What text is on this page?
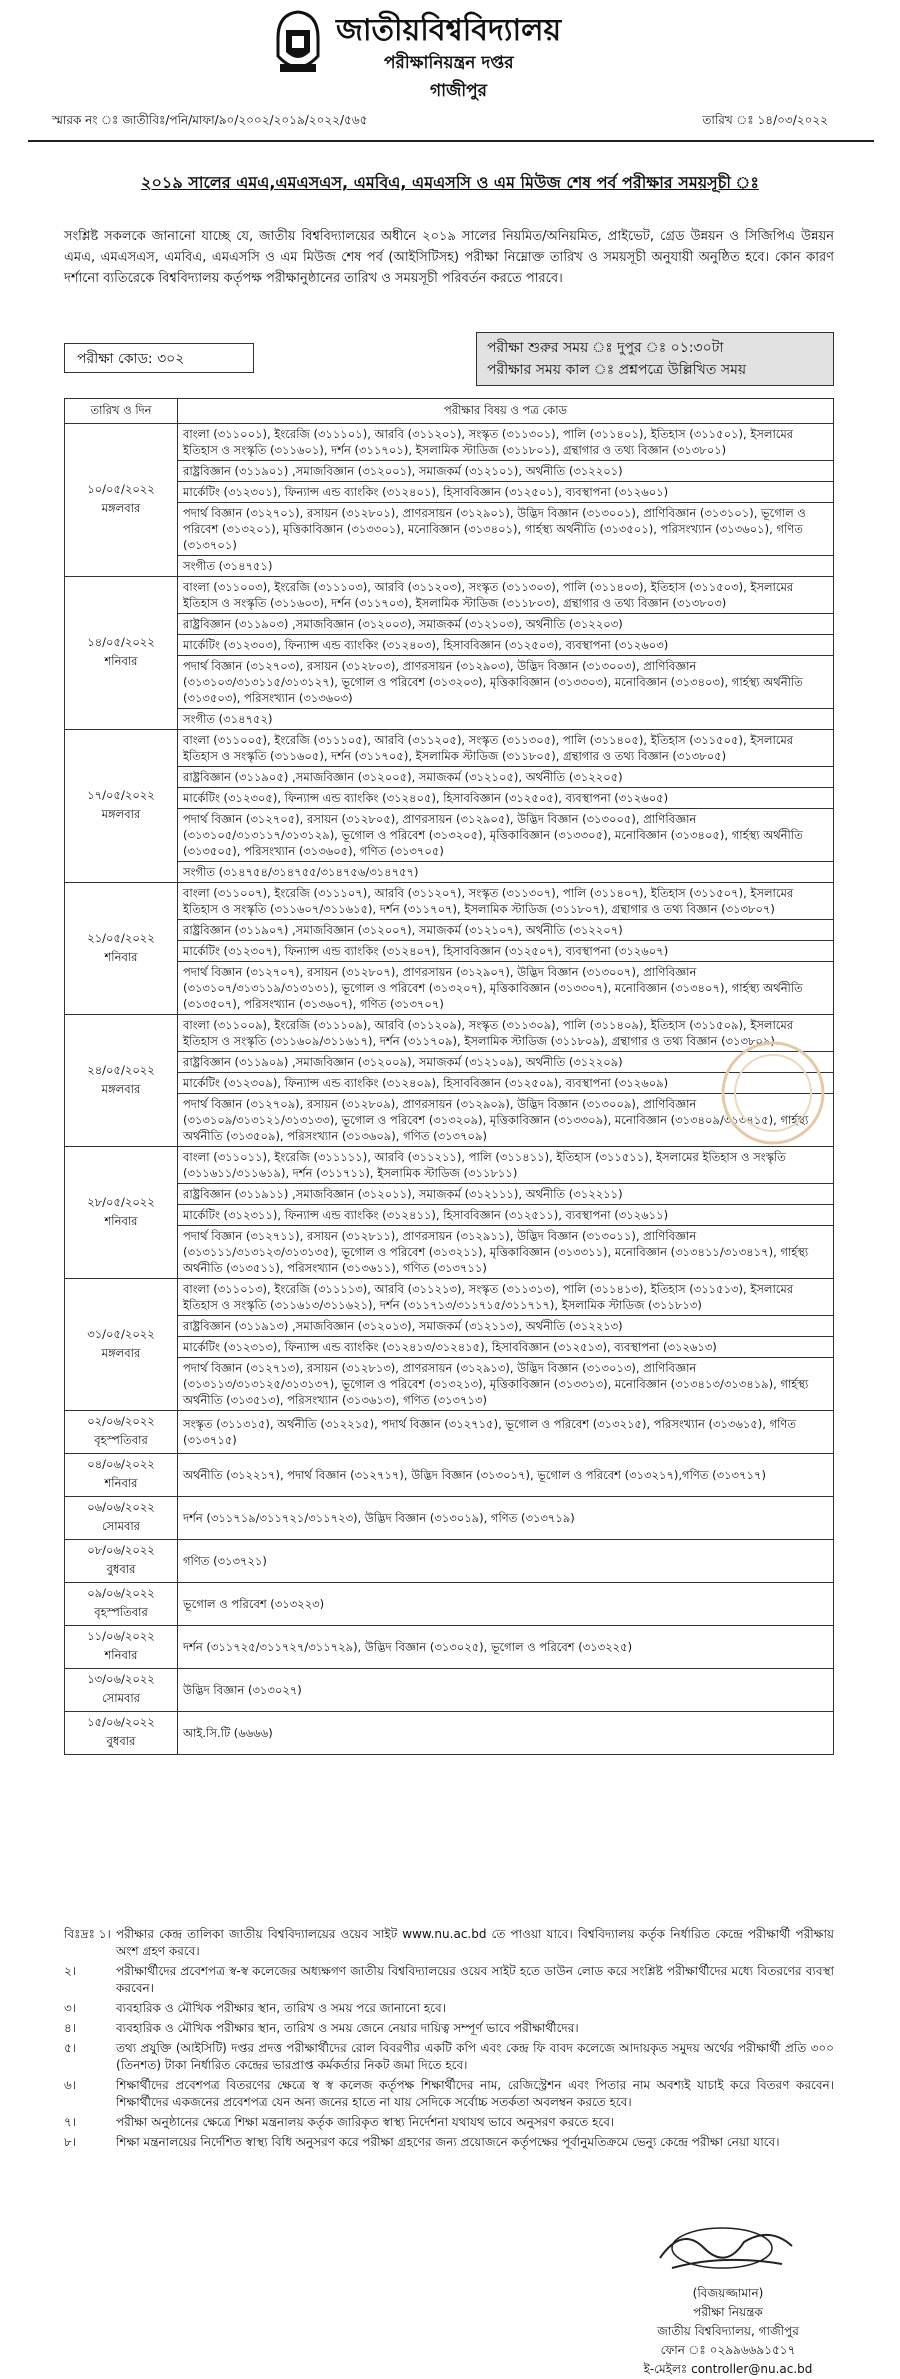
জাতীয়বিশ্ববিদ্যালয়
পরীক্ষানিয়ন্ত্রন দপ্তর
গাজীপুর
স্মারক নং ঃ জাতীবিঃ/পনি/মাফা/৯০/২০০২/২০১৯/২০২২/৫৬৫	তারিখ ঃ ১৪/০৩/২০২২
২০১৯ সালের এমএ,এমএসএস, এমবিএ, এমএসসি ও এম মিউজ শেষ পর্ব পরীক্ষার সময়সূচী ঃ
সংশ্লিষ্ট সকলকে জানানো যাচ্ছে যে, জাতীয় বিশ্ববিদ্যালয়ের অধীনে ২০১৯ সালের নিয়মিত/অনিয়মিত, প্রাইভেট, গ্রেড উন্নয়ন ও সিজিপিএ উন্নয়ন এমএ, এমএসএস, এমবিএ, এমএসসি ও এম মিউজ শেষ পর্ব (আইসিটিসহ) পরীক্ষা নিম্নোক্ত তারিখ ও সময়সূচী অনুযায়ী অনুষ্ঠিত হবে। কোন কারণ দর্শানো ব্যতিরেকে বিশ্ববিদ্যালয় কর্তৃপক্ষ পরীক্ষানুষ্ঠানের তারিখ ও সময়সূচী পরিবর্তন করতে পারবে।
পরীক্ষা কোড: ৩০২
পরীক্ষা শুরুর সময় ঃ দুপুর ঃ ০১:৩০টা
পরীক্ষার সময় কাল ঃ প্রশ্নপত্রে উল্লিখিত সময়
তারিখ ও দিন	পরীক্ষার বিষয় ও পত্র কোড

১০/০৫/২০২২
মঙ্গলবার	বাংলা (৩১১০০১), ইংরেজি (৩১১১০১), আরবি (৩১১২০১), সংস্কৃত (৩১১৩০১), পালি (৩১১৪০১), ইতিহাস (৩১১৫০১), ইসলামের ইতিহাস ও সংস্কৃতি (৩১১৬০১), দর্শন (৩১১৭০১), ইসলামিক স্টাডিজ (৩১১৮০১), গ্রন্থাগার ও তথ্য বিজ্ঞান (৩১৩৮০১)
	রাষ্ট্রবিজ্ঞান (৩১১৯০১) ,সমাজবিজ্ঞান (৩১২০০১), সমাজকর্ম (৩১২১০১), অর্থনীতি (৩১২২০১)
	মার্কেটিং (৩১২৩০১), ফিন্যান্স এন্ড ব্যাংকিং (৩১২৪০১), হিসাববিজ্ঞান (৩১২৫০১), ব্যবস্থাপনা (৩১২৬০১)
	পদার্থ বিজ্ঞান (৩১২৭০১), রসায়ন (৩১২৮০১), প্রাণরসায়ন (৩১২৯০১), উদ্ভিদ বিজ্ঞান (৩১৩০০১), প্রাণিবিজ্ঞান (৩১৩১০১), ভূগোল ও পরিবেশ (৩১৩২০১), মৃত্তিকাবিজ্ঞান (৩১৩৩০১), মনোবিজ্ঞান (৩১৩৪০১), গার্হস্থ্য অর্থনীতি (৩১৩৫০১), পরিসংখ্যান (৩১৩৬০১), গণিত (৩১৩৭০১)
	সংগীত (৩১৪৭৫১)

১৪/০৫/২০২২
শনিবার	বাংলা (৩১১০০৩), ইংরেজি (৩১১১০৩), আরবি (৩১১২০৩), সংস্কৃত (৩১১৩০৩), পালি (৩১১৪০৩), ইতিহাস (৩১১৫০৩), ইসলামের ইতিহাস ও সংস্কৃতি (৩১১৬০৩), দর্শন (৩১১৭০৩), ইসলামিক স্টাডিজ (৩১১৮০৩), গ্রন্থাগার ও তথ্য বিজ্ঞান (৩১৩৮০৩)
	রাষ্ট্রবিজ্ঞান (৩১১৯০৩) ,সমাজবিজ্ঞান (৩১২০০৩), সমাজকর্ম (৩১২১০৩), অর্থনীতি (৩১২২০৩)
	মার্কেটিং (৩১২৩০৩), ফিন্যান্স এন্ড ব্যাংকিং (৩১২৪০৩), হিসাববিজ্ঞান (৩১২৫০৩), ব্যবস্থাপনা (৩১২৬০৩)
	পদার্থ বিজ্ঞান (৩১২৭০৩), রসায়ন (৩১২৮০৩), প্রাণরসায়ন (৩১২৯০৩), উদ্ভিদ বিজ্ঞান (৩১৩০০৩), প্রাণিবিজ্ঞান (৩১৩১০৩/৩১৩১১৫/৩১৩১২৭), ভূগোল ও পরিবেশ (৩১৩২০৩), মৃত্তিকাবিজ্ঞান (৩১৩৩০৩), মনোবিজ্ঞান (৩১৩৪০৩), গার্হস্থ্য অর্থনীতি (৩১৩৫০৩), পরিসংখ্যান (৩১৩৬০৩)
	সংগীত (৩১৪৭৫২)

১৭/০৫/২০২২
মঙ্গলবার	বাংলা (৩১১০০৫), ইংরেজি (৩১১১০৫), আরবি (৩১১২০৫), সংস্কৃত (৩১১৩০৫), পালি (৩১১৪০৫), ইতিহাস (৩১১৫০৫), ইসলামের ইতিহাস ও সংস্কৃতি (৩১১৬০৫), দর্শন (৩১১৭০৫), ইসলামিক স্টাডিজ (৩১১৮০৫), গ্রন্থাগার ও তথ্য বিজ্ঞান (৩১৩৮০৫)
	রাষ্ট্রবিজ্ঞান (৩১১৯০৫) ,সমাজবিজ্ঞান (৩১২০০৫), সমাজকর্ম (৩১২১০৫), অর্থনীতি (৩১২২০৫)
	মার্কেটিং (৩১২৩০৫), ফিন্যান্স এন্ড ব্যাংকিং (৩১২৪০৫), হিসাববিজ্ঞান (৩১২৫০৫), ব্যবস্থাপনা (৩১২৬০৫)
	পদার্থ বিজ্ঞান (৩১২৭০৫), রসায়ন (৩১২৮০৫), প্রাণরসায়ন (৩১২৯০৫), উদ্ভিদ বিজ্ঞান (৩১৩০০৫), প্রাণিবিজ্ঞান (৩১৩১০৫/৩১৩১১৭/৩১৩১২৯), ভূগোল ও পরিবেশ (৩১৩২০৫), মৃত্তিকাবিজ্ঞান (৩১৩৩০৫), মনোবিজ্ঞান (৩১৩৪০৫), গার্হস্থ্য অর্থনীতি (৩১৩৫০৫), পরিসংখ্যান (৩১৩৬০৫), গণিত (৩১৩৭০৫)
	সংগীত (৩১৪৭৫৪/৩১৪৭৫৫/৩১৪৭৫৬/৩১৪৭৫৭)

২১/০৫/২০২২
শনিবার	বাংলা (৩১১০০৭), ইংরেজি (৩১১১০৭), আরবি (৩১১২০৭), সংস্কৃত (৩১১৩০৭), পালি (৩১১৪০৭), ইতিহাস (৩১১৫০৭), ইসলামের ইতিহাস ও সংস্কৃতি (৩১১৬০৭/৩১১৬১৫), দর্শন (৩১১৭০৭), ইসলামিক স্টাডিজ (৩১১৮০৭), গ্রন্থাগার ও তথ্য বিজ্ঞান (৩১৩৮০৭)
	রাষ্ট্রবিজ্ঞান (৩১১৯০৭) ,সমাজবিজ্ঞান (৩১২০০৭), সমাজকর্ম (৩১২১০৭), অর্থনীতি (৩১২২০৭)
	মার্কেটিং (৩১২৩০৭), ফিন্যান্স এন্ড ব্যাংকিং (৩১২৪০৭), হিসাববিজ্ঞান (৩১২৫০৭), ব্যবস্থাপনা (৩১২৬০৭)
	পদার্থ বিজ্ঞান (৩১২৭০৭), রসায়ন (৩১২৮০৭), প্রাণরসায়ন (৩১২৯০৭), উদ্ভিদ বিজ্ঞান (৩১৩০০৭), প্রাণিবিজ্ঞান (৩১৩১০৭/৩১৩১১৯/৩১৩১৩১), ভূগোল ও পরিবেশ (৩১৩২০৭), মৃত্তিকাবিজ্ঞান (৩১৩৩০৭), মনোবিজ্ঞান (৩১৩৪০৭), গার্হস্থ্য অর্থনীতি (৩১৩৫০৭), পরিসংখ্যান (৩১৩৬০৭), গণিত (৩১৩৭০৭)

২৪/০৫/২০২২
মঙ্গলবার	বাংলা (৩১১০০৯), ইংরেজি (৩১১১০৯), আরবি (৩১১২০৯), সংস্কৃত (৩১১৩০৯), পালি (৩১১৪০৯), ইতিহাস (৩১১৫০৯), ইসলামের ইতিহাস ও সংস্কৃতি (৩১১৬০৯/৩১১৬১৭), দর্শন (৩১১৭০৯), ইসলামিক স্টাডিজ (৩১১৮০৯), গ্রন্থাগার ও তথ্য বিজ্ঞান (৩১৩৮০৯)
	রাষ্ট্রবিজ্ঞান (৩১১৯০৯) ,সমাজবিজ্ঞান (৩১২০০৯), সমাজকর্ম (৩১২১০৯), অর্থনীতি (৩১২২০৯)
	মার্কেটিং (৩১২৩০৯), ফিন্যান্স এন্ড ব্যাংকিং (৩১২৪০৯), হিসাববিজ্ঞান (৩১২৫০৯), ব্যবস্থাপনা (৩১২৬০৯)
	পদার্থ বিজ্ঞান (৩১২৭০৯), রসায়ন (৩১২৮০৯), প্রাণরসায়ন (৩১২৯০৯), উদ্ভিদ বিজ্ঞান (৩১৩০০৯), প্রাণিবিজ্ঞান (৩১৩১০৯/৩১৩১২১/৩১৩১৩৩), ভূগোল ও পরিবেশ (৩১৩২০৯), মৃত্তিকাবিজ্ঞান (৩১৩৩০৯), মনোবিজ্ঞান (৩১৩৪০৯/৩১৩৪১৫), গার্হস্থ্য অর্থনীতি (৩১৩৫০৯), পরিসংখ্যান (৩১৩৬০৯), গণিত (৩১৩৭০৯)

২৮/০৫/২০২২
শনিবার	বাংলা (৩১১০১১), ইংরেজি (৩১১১১১), আরবি (৩১১২১১), পালি (৩১১৪১১), ইতিহাস (৩১১৫১১), ইসলামের ইতিহাস ও সংস্কৃতি (৩১১৬১১/৩১১৬১৯), দর্শন (৩১১৭১১), ইসলামিক স্টাডিজ (৩১১৮১১)
	রাষ্ট্রবিজ্ঞান (৩১১৯১১) ,সমাজবিজ্ঞান (৩১২০১১), সমাজকর্ম (৩১২১১১), অর্থনীতি (৩১২২১১)
	মার্কেটিং (৩১২৩১১), ফিন্যান্স এন্ড ব্যাংকিং (৩১২৪১১), হিসাববিজ্ঞান (৩১২৫১১), ব্যবস্থাপনা (৩১২৬১১)
	পদার্থ বিজ্ঞান (৩১২৭১১), রসায়ন (৩১২৮১১), প্রাণরসায়ন (৩১২৯১১), উদ্ভিদ বিজ্ঞান (৩১৩০১১), প্রাণিবিজ্ঞান (৩১৩১১১/৩১৩১২৩/৩১৩১৩৫), ভূগোল ও পরিবেশ (৩১৩২১১), মৃত্তিকাবিজ্ঞান (৩১৩৩১১), মনোবিজ্ঞান (৩১৩৪১১/৩১৩৪১৭), গার্হস্থ্য অর্থনীতি (৩১৩৫১১), পরিসংখ্যান (৩১৩৬১১), গণিত (৩১৩৭১১)

৩১/০৫/২০২২
মঙ্গলবার	বাংলা (৩১১০১৩), ইংরেজি (৩১১১১৩), আরবি (৩১১২১৩), সংস্কৃত (৩১১৩১৩), পালি (৩১১৪১৩), ইতিহাস (৩১১৫১৩), ইসলামের ইতিহাস ও সংস্কৃতি (৩১১৬১৩/৩১১৬২১), দর্শন (৩১১৭১৩/৩১১৭১৫/৩১১৭১৭), ইসলামিক স্টাডিজ (৩১১৮১৩)
	রাষ্ট্রবিজ্ঞান (৩১১৯১৩) ,সমাজবিজ্ঞান (৩১২০১৩), সমাজকর্ম (৩১২১১৩), অর্থনীতি (৩১২২১৩)
	মার্কেটিং (৩১২৩১৩), ফিন্যান্স এন্ড ব্যাংকিং (৩১২৪১৩/৩১২৪১৫), হিসাববিজ্ঞান (৩১২৫১৩), ব্যবস্থাপনা (৩১২৬১৩)
	পদার্থ বিজ্ঞান (৩১২৭১৩), রসায়ন (৩১২৮১৩), প্রাণরসায়ন (৩১২৯১৩), উদ্ভিদ বিজ্ঞান (৩১৩০১৩), প্রাণিবিজ্ঞান (৩১৩১১৩/৩১৩১২৫/৩১৩১৩৭), ভূগোল ও পরিবেশ (৩১৩২১৩), মৃত্তিকাবিজ্ঞান (৩১৩৩১৩), মনোবিজ্ঞান (৩১৩৪১৩/৩১৩৪১৯), গার্হস্থ্য অর্থনীতি (৩১৩৫১৩), পরিসংখ্যান (৩১৩৬১৩), গণিত (৩১৩৭১৩)

০২/০৬/২০২২
বৃহস্পতিবার	সংস্কৃত (৩১১৩১৫), অর্থনীতি (৩১২২১৫), পদার্থ বিজ্ঞান (৩১২৭১৫), ভূগোল ও পরিবেশ (৩১৩২১৫), পরিসংখ্যান (৩১৩৬১৫), গণিত (৩১৩৭১৫)

০৪/০৬/২০২২
শনিবার	অর্থনীতি (৩১২২১৭), পদার্থ বিজ্ঞান (৩১২৭১৭), উদ্ভিদ বিজ্ঞান (৩১৩০১৭), ভূগোল ও পরিবেশ (৩১৩২১৭),গণিত (৩১৩৭১৭)

০৬/০৬/২০২২
সোমবার	দর্শন (৩১১৭১৯/৩১১৭২১/৩১১৭২৩), উদ্ভিদ বিজ্ঞান (৩১৩০১৯), গণিত (৩১৩৭১৯)

০৮/০৬/২০২২
বুধবার	গণিত (৩১৩৭২১)

০৯/০৬/২০২২
বৃহস্পতিবার	ভূগোল ও পরিবেশ (৩১৩২২৩)

১১/০৬/২০২২
শনিবার	দর্শন (৩১১৭২৫/৩১১৭২৭/৩১১৭২৯), উদ্ভিদ বিজ্ঞান (৩১৩০২৫), ভূগোল ও পরিবেশ (৩১৩২২৫)

১৩/০৬/২০২২
সোমবার	উদ্ভিদ বিজ্ঞান (৩১৩০২৭)

১৫/০৬/২০২২
বুধবার	আই.সি.টি (৬৬৬৬)
বিঃদ্রঃ ১। পরীক্ষার কেন্দ্র তালিকা জাতীয় বিশ্ববিদ্যালয়ের ওয়েব সাইট www.nu.ac.bd তে পাওয়া যাবে। বিশ্ববিদ্যালয় কর্তৃক নির্ধারিত কেন্দ্রে পরীক্ষার্থী পরীক্ষায় অংশ গ্রহণ করবে।
২।	পরীক্ষার্থীদের প্রবেশপত্র স্ব-স্ব কলেজের অধ্যক্ষগণ জাতীয় বিশ্ববিদ্যালয়ের ওয়েব সাইট হতে ডাউন লোড করে সংশ্লিষ্ট পরীক্ষার্থীদের মধ্যে বিতরণের ব্যবস্থা করবেন।
৩।	ব্যবহারিক ও মৌখিক পরীক্ষার স্থান, তারিখ ও সময় পরে জানানো হবে।
৪।	ব্যবহারিক ও মৌখিক পরীক্ষার স্থান, তারিখ ও সময় জেনে নেয়ার দায়িত্ব সম্পূর্ণ ভাবে পরীক্ষার্থীদের।
৫।	তথ্য প্রযুক্তি (আইসিটি) দপ্তর প্রদত্ত পরীক্ষার্থীদের রোল বিবরণীর একটি কপি এবং কেন্দ্র ফি বাবদ কলেজে আদায়কৃত সমুদয় অর্থের পরীক্ষার্থী প্রতি ৩০০ (তিনশত) টাকা নির্ধারিত কেন্দ্রের ভারপ্রাপ্ত কর্মকর্তার নিকট জমা দিতে হবে।
৬।	শিক্ষার্থীদের প্রবেশপত্র বিতরণের ক্ষেত্রে স্ব স্ব কলেজ কর্তৃপক্ষ শিক্ষার্থীদের নাম, রেজিস্ট্রেশন এবং পিতার নাম অবশ্যই যাচাই করে বিতরণ করবেন। শিক্ষার্থীদের একজনের প্রবেশপত্র যেন অন্য জনের হাতে না যায় সেদিকে সর্বোচ্চ সতর্কতা অবলম্বন করতে হবে।
৭।	পরীক্ষা অনুষ্ঠানের ক্ষেত্রে শিক্ষা মন্ত্রনালয় কর্তৃক জারিকৃত স্বাস্থ্য নির্দেশনা যথাযথ ভাবে অনুসরণ করতে হবে।
৮।	শিক্ষা মন্ত্রনালয়ের নির্দেশিত স্বাস্থ্য বিধি অনুসরণ করে পরীক্ষা গ্রহণের জন্য প্রয়োজনে কর্তৃপক্ষের পূর্বানুমতিক্রমে ভেন্যু কেন্দ্রে পরীক্ষা নেয়া যাবে।
(বিজয়জ্জামান)
পরীক্ষা নিয়ন্ত্রক
জাতীয় বিশ্ববিদ্যালয়, গাজীপুর
ফোন ঃ ০২৯৯৬৬৯১৫১৭
ই-মেইলঃ controller@nu.ac.bd
